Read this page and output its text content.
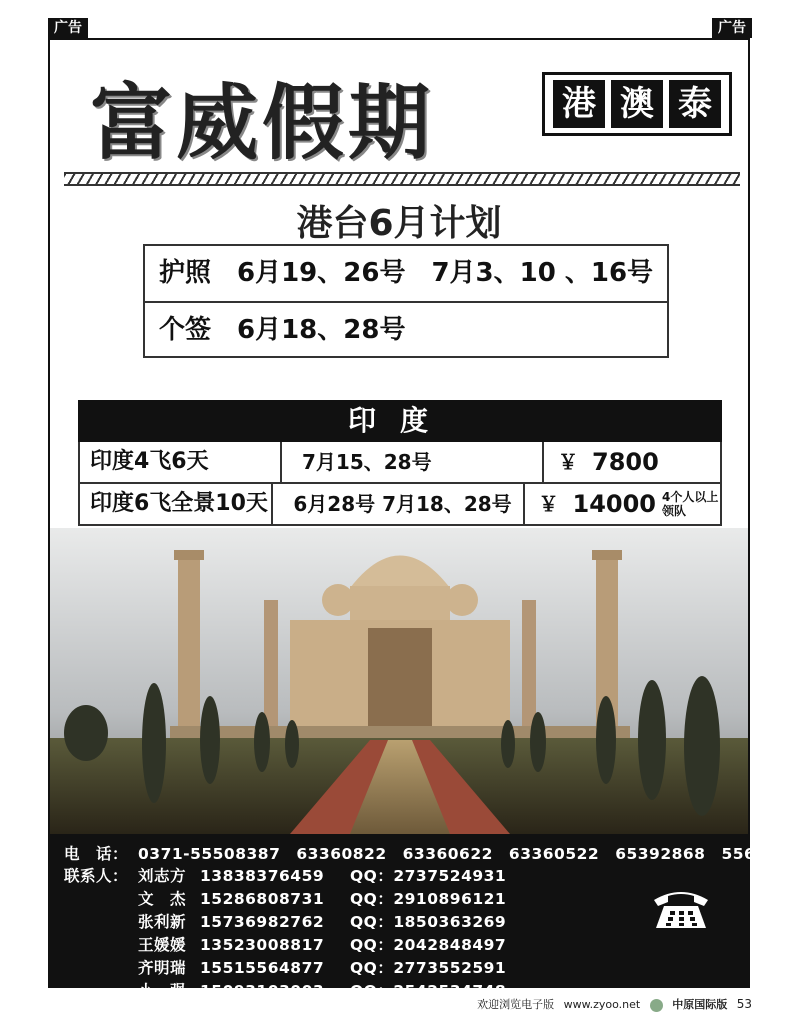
广告	广告
富威假期	港 澳 泰
港台6月计划
护照　6月19、26号　7月3、10 、16号
个签　6月18、28号
印度
印度4飞6天	7月15、28号	￥ 7800
印度6飞全景10天	6月28号 7月18、28号	￥ 14000 4个人以上领队
电　话： 0371-55508387　63360822　63360622　63360522　65392868　55675325
联系人： 刘志方 13838376459 QQ：2737524931
文　杰 15286808731 QQ：2910896121
张利新 15736982762 QQ：1850363269
王媛媛 13523008817 QQ：2042848497
齐明瑞 15515564877 QQ：2773552591
小　强 15093103003 QQ：2542534748
欢迎浏览电子版 www.zyoo.net	中原国际版 53
